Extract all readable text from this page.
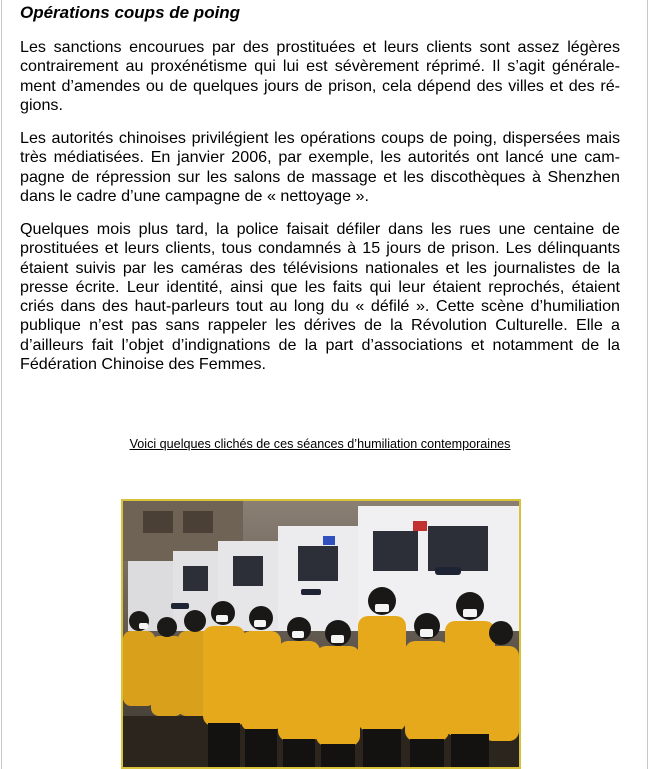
Opérations coups de poing

Les sanctions encourues par des prostituées et leurs clients sont assez légères contrairement au proxénétisme qui lui est sévèrement réprimé. Il s’agit généralement d’amendes ou de quelques jours de prison, cela dépend des villes et des régions.

Les autorités chinoises privilégient les opérations coups de poing, dispersées mais très médiatisées. En janvier 2006, par exemple, les autorités ont lancé une campagne de répression sur les salons de massage et les discothèques à Shenzhen dans le cadre d’une campagne de « nettoyage ».

Quelques mois plus tard, la police faisait défiler dans les rues une centaine de prostituées et leurs clients, tous condamnés à 15 jours de prison. Les délinquants étaient suivis par les caméras des télévisions nationales et les journalistes de la presse écrite. Leur identité, ainsi que les faits qui leur étaient reprochés, étaient criés dans des haut-parleurs tout au long du « défilé ». Cette scène d’humiliation publique n’est pas sans rappeler les dérives de la Révolution Culturelle. Elle a d’ailleurs fait l’objet d’indignations de la part d’associations et notamment de la Fédération Chinoise des Femmes.

Voici quelques clichés de ces séances d’humiliation contemporaines
